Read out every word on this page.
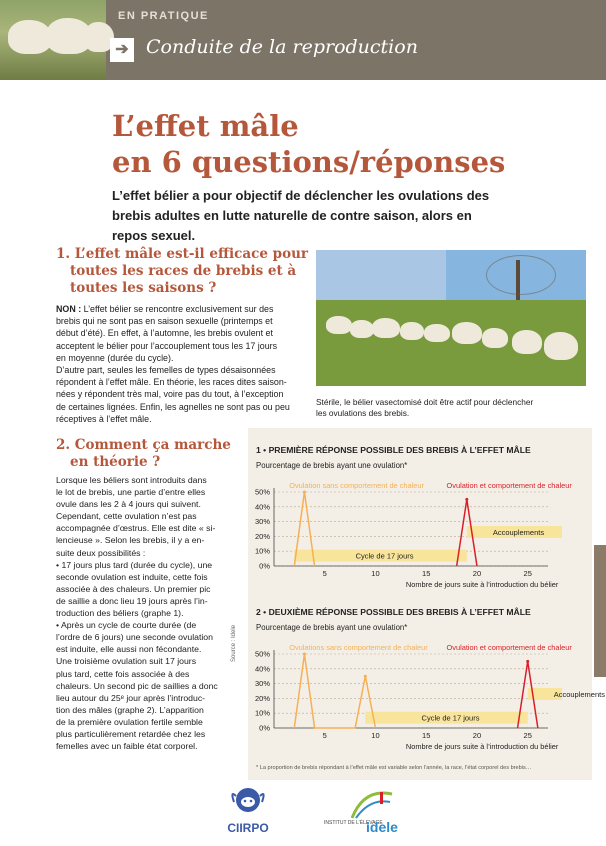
EN PRATIQUE
➔ Conduite de la reproduction
L’effet mâle
en 6 questions/réponses
L’effet bélier a pour objectif de déclencher les ovulations des brebis adultes en lutte naturelle de contre saison, alors en repos sexuel.
1. L’effet mâle est-il efficace pour
toutes les races de brebis et à
toutes les saisons ?
NON : L’effet bélier se rencontre exclusivement sur des
brebis qui ne sont pas en saison sexuelle (printemps et
début d’été). En effet, à l’automne, les brebis ovulent et
acceptent le bélier pour l’accouplement tous les 17 jours
en moyenne (durée du cycle).
D’autre part, seules les femelles de types désaisonnées
répondent à l’effet mâle. En théorie, les races dites saison-
nées y répondent très mal, voire pas du tout, à l’exception
de certaines lignées. Enfin, les agnelles ne sont pas ou peu
réceptives à l’effet mâle.
Stérile, le bélier vasectomisé doit être actif pour déclencher
les ovulations des brebis.
2. Comment ça marche
en théorie ?
Lorsque les béliers sont introduits dans
le lot de brebis, une partie d’entre elles
ovule dans les 2 à 4 jours qui suivent.
Cependant, cette ovulation n’est pas
accompagnée d’œstrus. Elle est dite « si-
lencieuse ». Selon les brebis, il y a en-
suite deux possibilités :
• 17 jours plus tard (durée du cycle), une
seconde ovulation est induite, cette fois
associée à des chaleurs. Un premier pic
de saillie a donc lieu 19 jours après l’in-
troduction des béliers (graphe 1).
• Après un cycle de courte durée (de
l’ordre de 6 jours) une seconde ovulation
est induite, elle aussi non fécondante.
Une troisième ovulation suit 17 jours
plus tard, cette fois associée à des
chaleurs. Un second pic de saillies a donc
lieu autour du 25ᵉ jour après l’introduc-
tion des mâles (graphe 2). L’apparition
de la première ovulation fertile semble
plus particulièrement retardée chez les
femelles avec un faible état corporel.
1 • PREMIÈRE RÉPONSE POSSIBLE DES BREBIS À L’EFFET MÂLE
Pourcentage de brebis ayant une ovulation*
0%
10%
20%
30%
40%
50%
5	10	15	20	25
Nombre de jours suite à l’introduction du bélier
Cycle de 17 jours
Accouplements
Ovulation sans comportement de chaleur	Ovulation et comportement de chaleur
2 • DEUXIÈME RÉPONSE POSSIBLE DES BREBIS À L’EFFET MÂLE
Pourcentage de brebis ayant une ovulation*
0%
10%
20%
30%
40%
50%
5	10	15	20	25
Nombre de jours suite à l’introduction du bélier
Cycle de 17 jours
Accouplements
Ovulations sans comportement de chaleur	Ovulation et comportement de chaleur
Source : Idele
* La proportion de brebis répondant à l’effet mâle est variable selon l’année, la race, l’état corporel des brebis…
CIIRPO	INSTITUT DE L’ÉLEVAGE
idele
